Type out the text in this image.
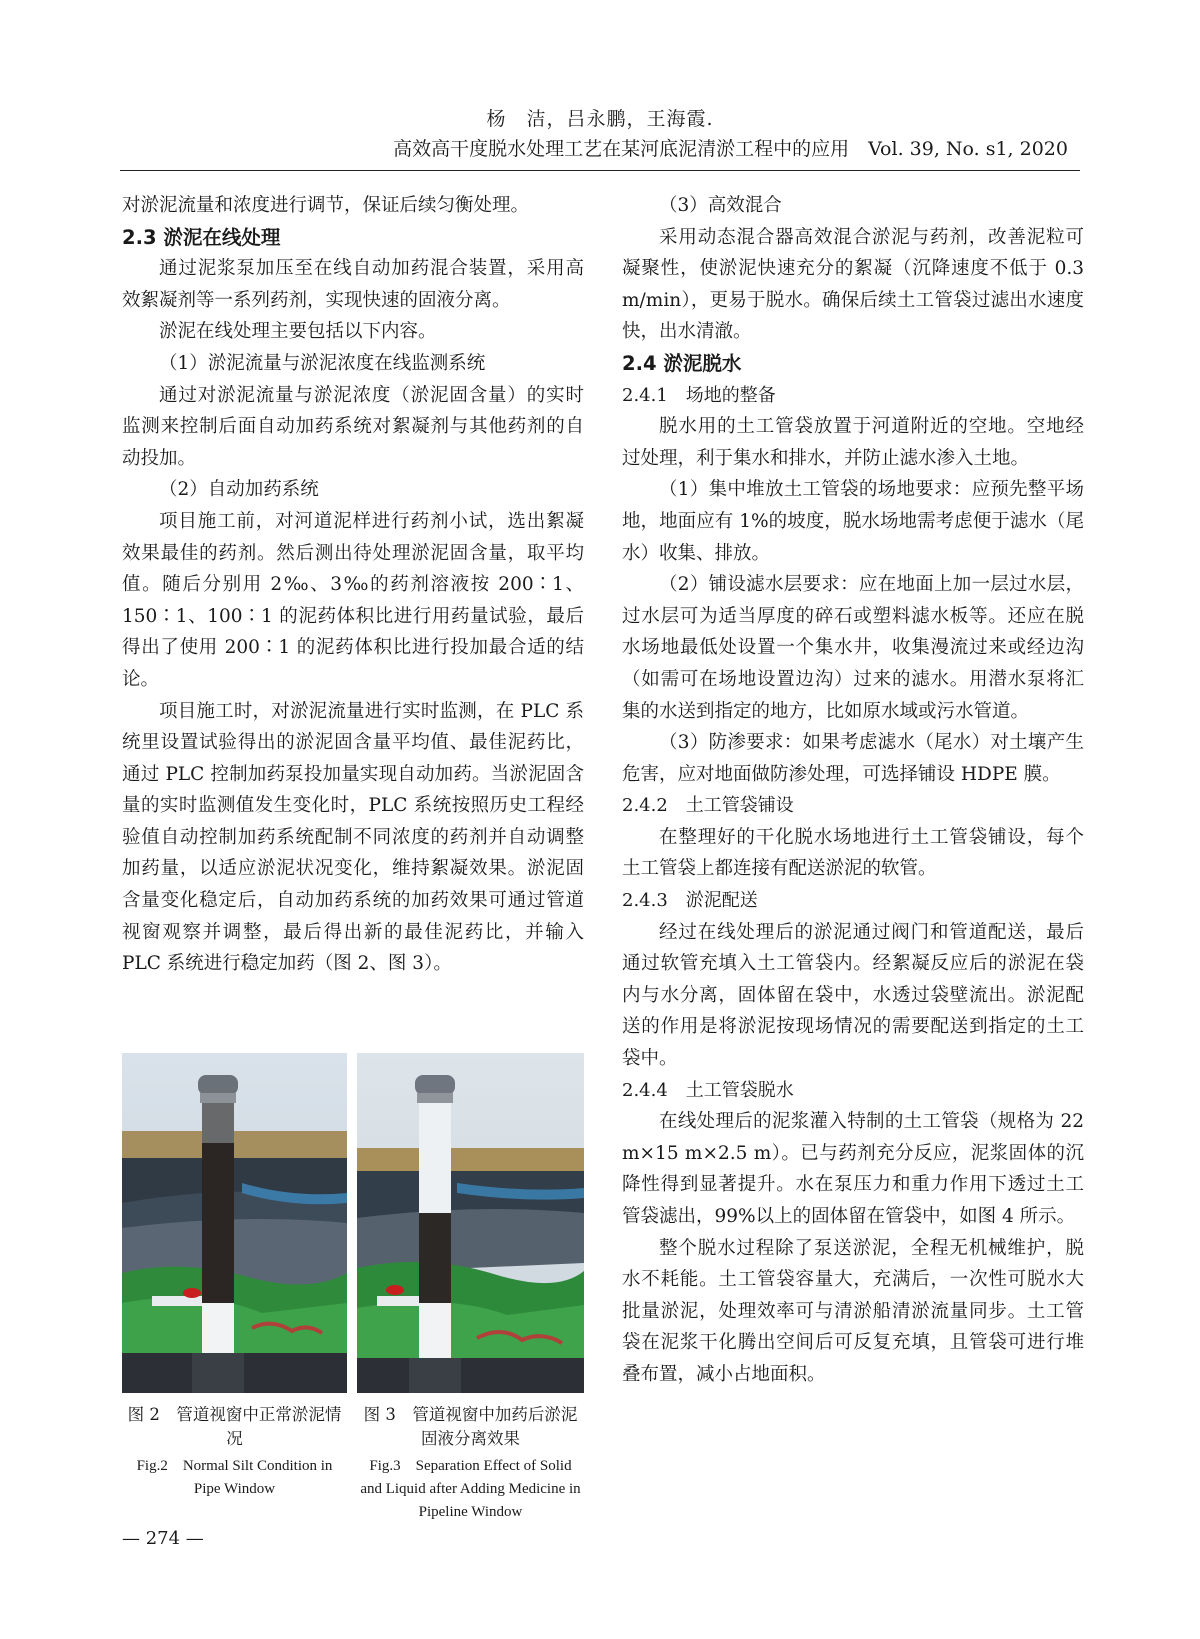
杨　洁，吕永鹏，王海霞.
高效高干度脱水处理工艺在某河底泥清淤工程中的应用　Vol. 39, No. s1, 2020

对淤泥流量和浓度进行调节，保证后续匀衡处理。

2.3 淤泥在线处理

通过泥浆泵加压至在线自动加药混合装置，采用高效絮凝剂等一系列药剂，实现快速的固液分离。

淤泥在线处理主要包括以下内容。

（1）淤泥流量与淤泥浓度在线监测系统

通过对淤泥流量与淤泥浓度（淤泥固含量）的实时监测来控制后面自动加药系统对絮凝剂与其他药剂的自动投加。

（2）自动加药系统

项目施工前，对河道泥样进行药剂小试，选出絮凝效果最佳的药剂。然后测出待处理淤泥固含量，取平均值。随后分别用 2‰、3‰的药剂溶液按 200∶1、150∶1、100∶1 的泥药体积比进行用药量试验，最后得出了使用 200∶1 的泥药体积比进行投加最合适的结论。

项目施工时，对淤泥流量进行实时监测，在 PLC 系统里设置试验得出的淤泥固含量平均值、最佳泥药比，通过 PLC 控制加药泵投加量实现自动加药。当淤泥固含量的实时监测值发生变化时，PLC 系统按照历史工程经验值自动控制加药系统配制不同浓度的药剂并自动调整加药量，以适应淤泥状况变化，维持絮凝效果。淤泥固含量变化稳定后，自动加药系统的加药效果可通过管道视窗观察并调整，最后得出新的最佳泥药比，并输入 PLC 系统进行稳定加药（图 2、图 3）。

图 2　管道视窗中正常淤泥情况
Fig.2　Normal Silt Condition in Pipe Window
图 3　管道视窗中加药后淤泥固液分离效果
Fig.3　Separation Effect of Solid and Liquid after Adding Medicine in Pipeline Window

（3）高效混合

采用动态混合器高效混合淤泥与药剂，改善泥粒可凝聚性，使淤泥快速充分的絮凝（沉降速度不低于 0.3 m/min），更易于脱水。确保后续土工管袋过滤出水速度快，出水清澈。

2.4 淤泥脱水

2.4.1　场地的整备

脱水用的土工管袋放置于河道附近的空地。空地经过处理，利于集水和排水，并防止滤水渗入土地。

（1）集中堆放土工管袋的场地要求：应预先整平场地，地面应有 1%的坡度，脱水场地需考虑便于滤水（尾水）收集、排放。

（2）铺设滤水层要求：应在地面上加一层过水层，过水层可为适当厚度的碎石或塑料滤水板等。还应在脱水场地最低处设置一个集水井，收集漫流过来或经边沟（如需可在场地设置边沟）过来的滤水。用潜水泵将汇集的水送到指定的地方，比如原水域或污水管道。

（3）防渗要求：如果考虑滤水（尾水）对土壤产生危害，应对地面做防渗处理，可选择铺设 HDPE 膜。

2.4.2　土工管袋铺设

在整理好的干化脱水场地进行土工管袋铺设，每个土工管袋上都连接有配送淤泥的软管。

2.4.3　淤泥配送

经过在线处理后的淤泥通过阀门和管道配送，最后通过软管充填入土工管袋内。经絮凝反应后的淤泥在袋内与水分离，固体留在袋中，水透过袋壁流出。淤泥配送的作用是将淤泥按现场情况的需要配送到指定的土工袋中。

2.4.4　土工管袋脱水

在线处理后的泥浆灌入特制的土工管袋（规格为 22 m×15 m×2.5 m）。已与药剂充分反应，泥浆固体的沉降性得到显著提升。水在泵压力和重力作用下透过土工管袋滤出，99%以上的固体留在管袋中，如图 4 所示。

整个脱水过程除了泵送淤泥，全程无机械维护，脱水不耗能。土工管袋容量大，充满后，一次性可脱水大批量淤泥，处理效率可与清淤船清淤流量同步。土工管袋在泥浆干化腾出空间后可反复充填，且管袋可进行堆叠布置，减小占地面积。

— 274 —
